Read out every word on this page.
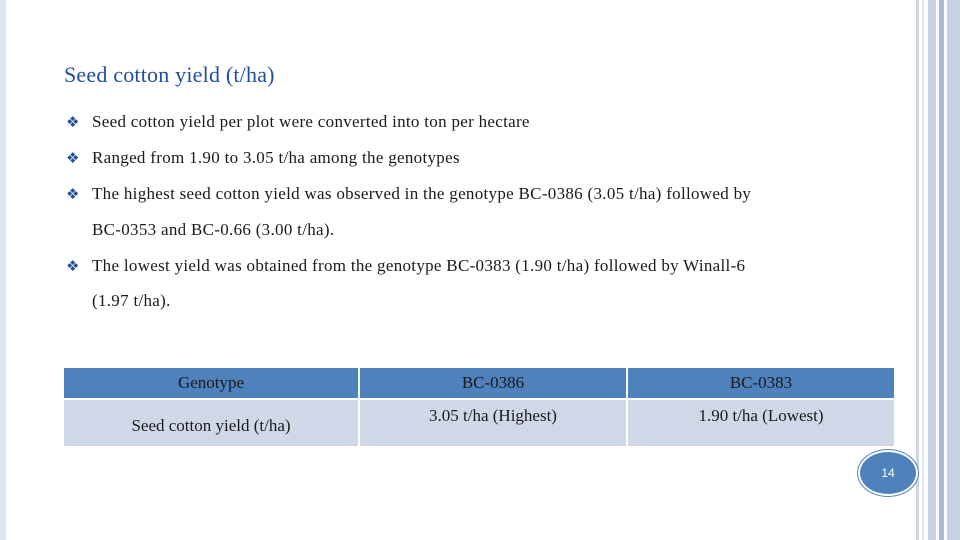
Seed cotton yield (t/ha)
❖ Seed cotton yield per plot were converted into ton per hectare
❖ Ranged from 1.90 to 3.05 t/ha among the genotypes
❖ The highest seed cotton yield was observed in the genotype BC-0386 (3.05 t/ha) followed by
BC-0353 and BC-0.66 (3.00 t/ha).
❖ The lowest yield was obtained from the genotype BC-0383 (1.90 t/ha) followed by Winall-6
(1.97 t/ha).
Genotype	BC-0386	BC-0383
Seed cotton yield (t/ha)	3.05 t/ha (Highest)	1.90 t/ha (Lowest)
14
